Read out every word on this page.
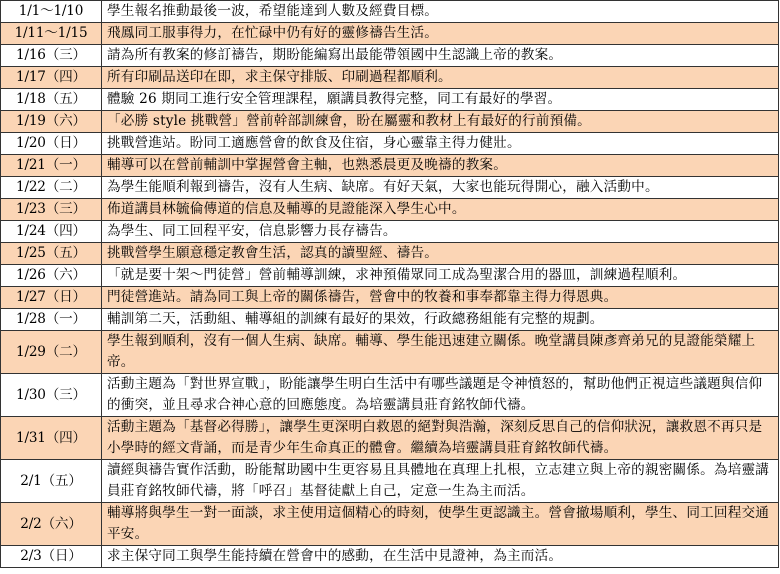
1/1～1/10	學生報名推動最後一波，希望能達到人數及經費目標。
1/11～1/15	飛鳳同工服事得力，在忙碌中仍有好的靈修禱告生活。
1/16（三）	請為所有教案的修訂禱告，期盼能編寫出最能帶領國中生認識上帝的教案。
1/17（四）	所有印刷品送印在即，求主保守排版、印刷過程都順利。
1/18（五）	體驗 26 期同工進行安全管理課程，願講員教得完整，同工有最好的學習。
1/19（六）	「必勝 style 挑戰營」營前幹部訓練會，盼在屬靈和教材上有最好的行前預備。
1/20（日）	挑戰營進站。盼同工適應營會的飲食及住宿，身心靈靠主得力健壯。
1/21（一）	輔導可以在營前輔訓中掌握營會主軸，也熟悉晨更及晚禱的教案。
1/22（二）	為學生能順利報到禱告，沒有人生病、缺席。有好天氣，大家也能玩得開心，融入活動中。
1/23（三）	佈道講員林毓倫傳道的信息及輔導的見證能深入學生心中。
1/24（四）	為學生、同工回程平安，信息影響力長存禱告。
1/25（五）	挑戰營學生願意穩定教會生活，認真的讀聖經、禱告。
1/26（六）	「就是要十架～門徒營」營前輔導訓練，求神預備眾同工成為聖潔合用的器皿，訓練過程順利。
1/27（日）	門徒營進站。請為同工與上帝的關係禱告，營會中的牧養和事奉都靠主得力得恩典。
1/28（一）	輔訓第二天，活動組、輔導組的訓練有最好的果效，行政總務組能有完整的規劃。
1/29（二）	學生報到順利，沒有一個人生病、缺席。輔導、學生能迅速建立關係。晚堂講員陳彥齊弟兄的見證能榮耀上帝。
1/30（三）	活動主題為「對世界宣戰」，盼能讓學生明白生活中有哪些議題是令神憤怒的，幫助他們正視這些議題與信仰的衝突，並且尋求合神心意的回應態度。為培靈講員莊育銘牧師代禱。
1/31（四）	活動主題為「基督必得勝」，讓學生更深明白救恩的絕對與浩瀚，深刻反思自己的信仰狀況，讓救恩不再只是小學時的經文背誦，而是青少年生命真正的體會。繼續為培靈講員莊育銘牧師代禱。
2/1（五）	讀經與禱告實作活動，盼能幫助國中生更容易且具體地在真理上扎根，立志建立與上帝的親密關係。為培靈講員莊育銘牧師代禱，將「呼召」基督徒獻上自己，定意一生為主而活。
2/2（六）	輔導將與學生一對一面談，求主使用這個精心的時刻，使學生更認識主。營會撤場順利，學生、同工回程交通平安。
2/3（日）	求主保守同工與學生能持續在營會中的感動，在生活中見證神，為主而活。
